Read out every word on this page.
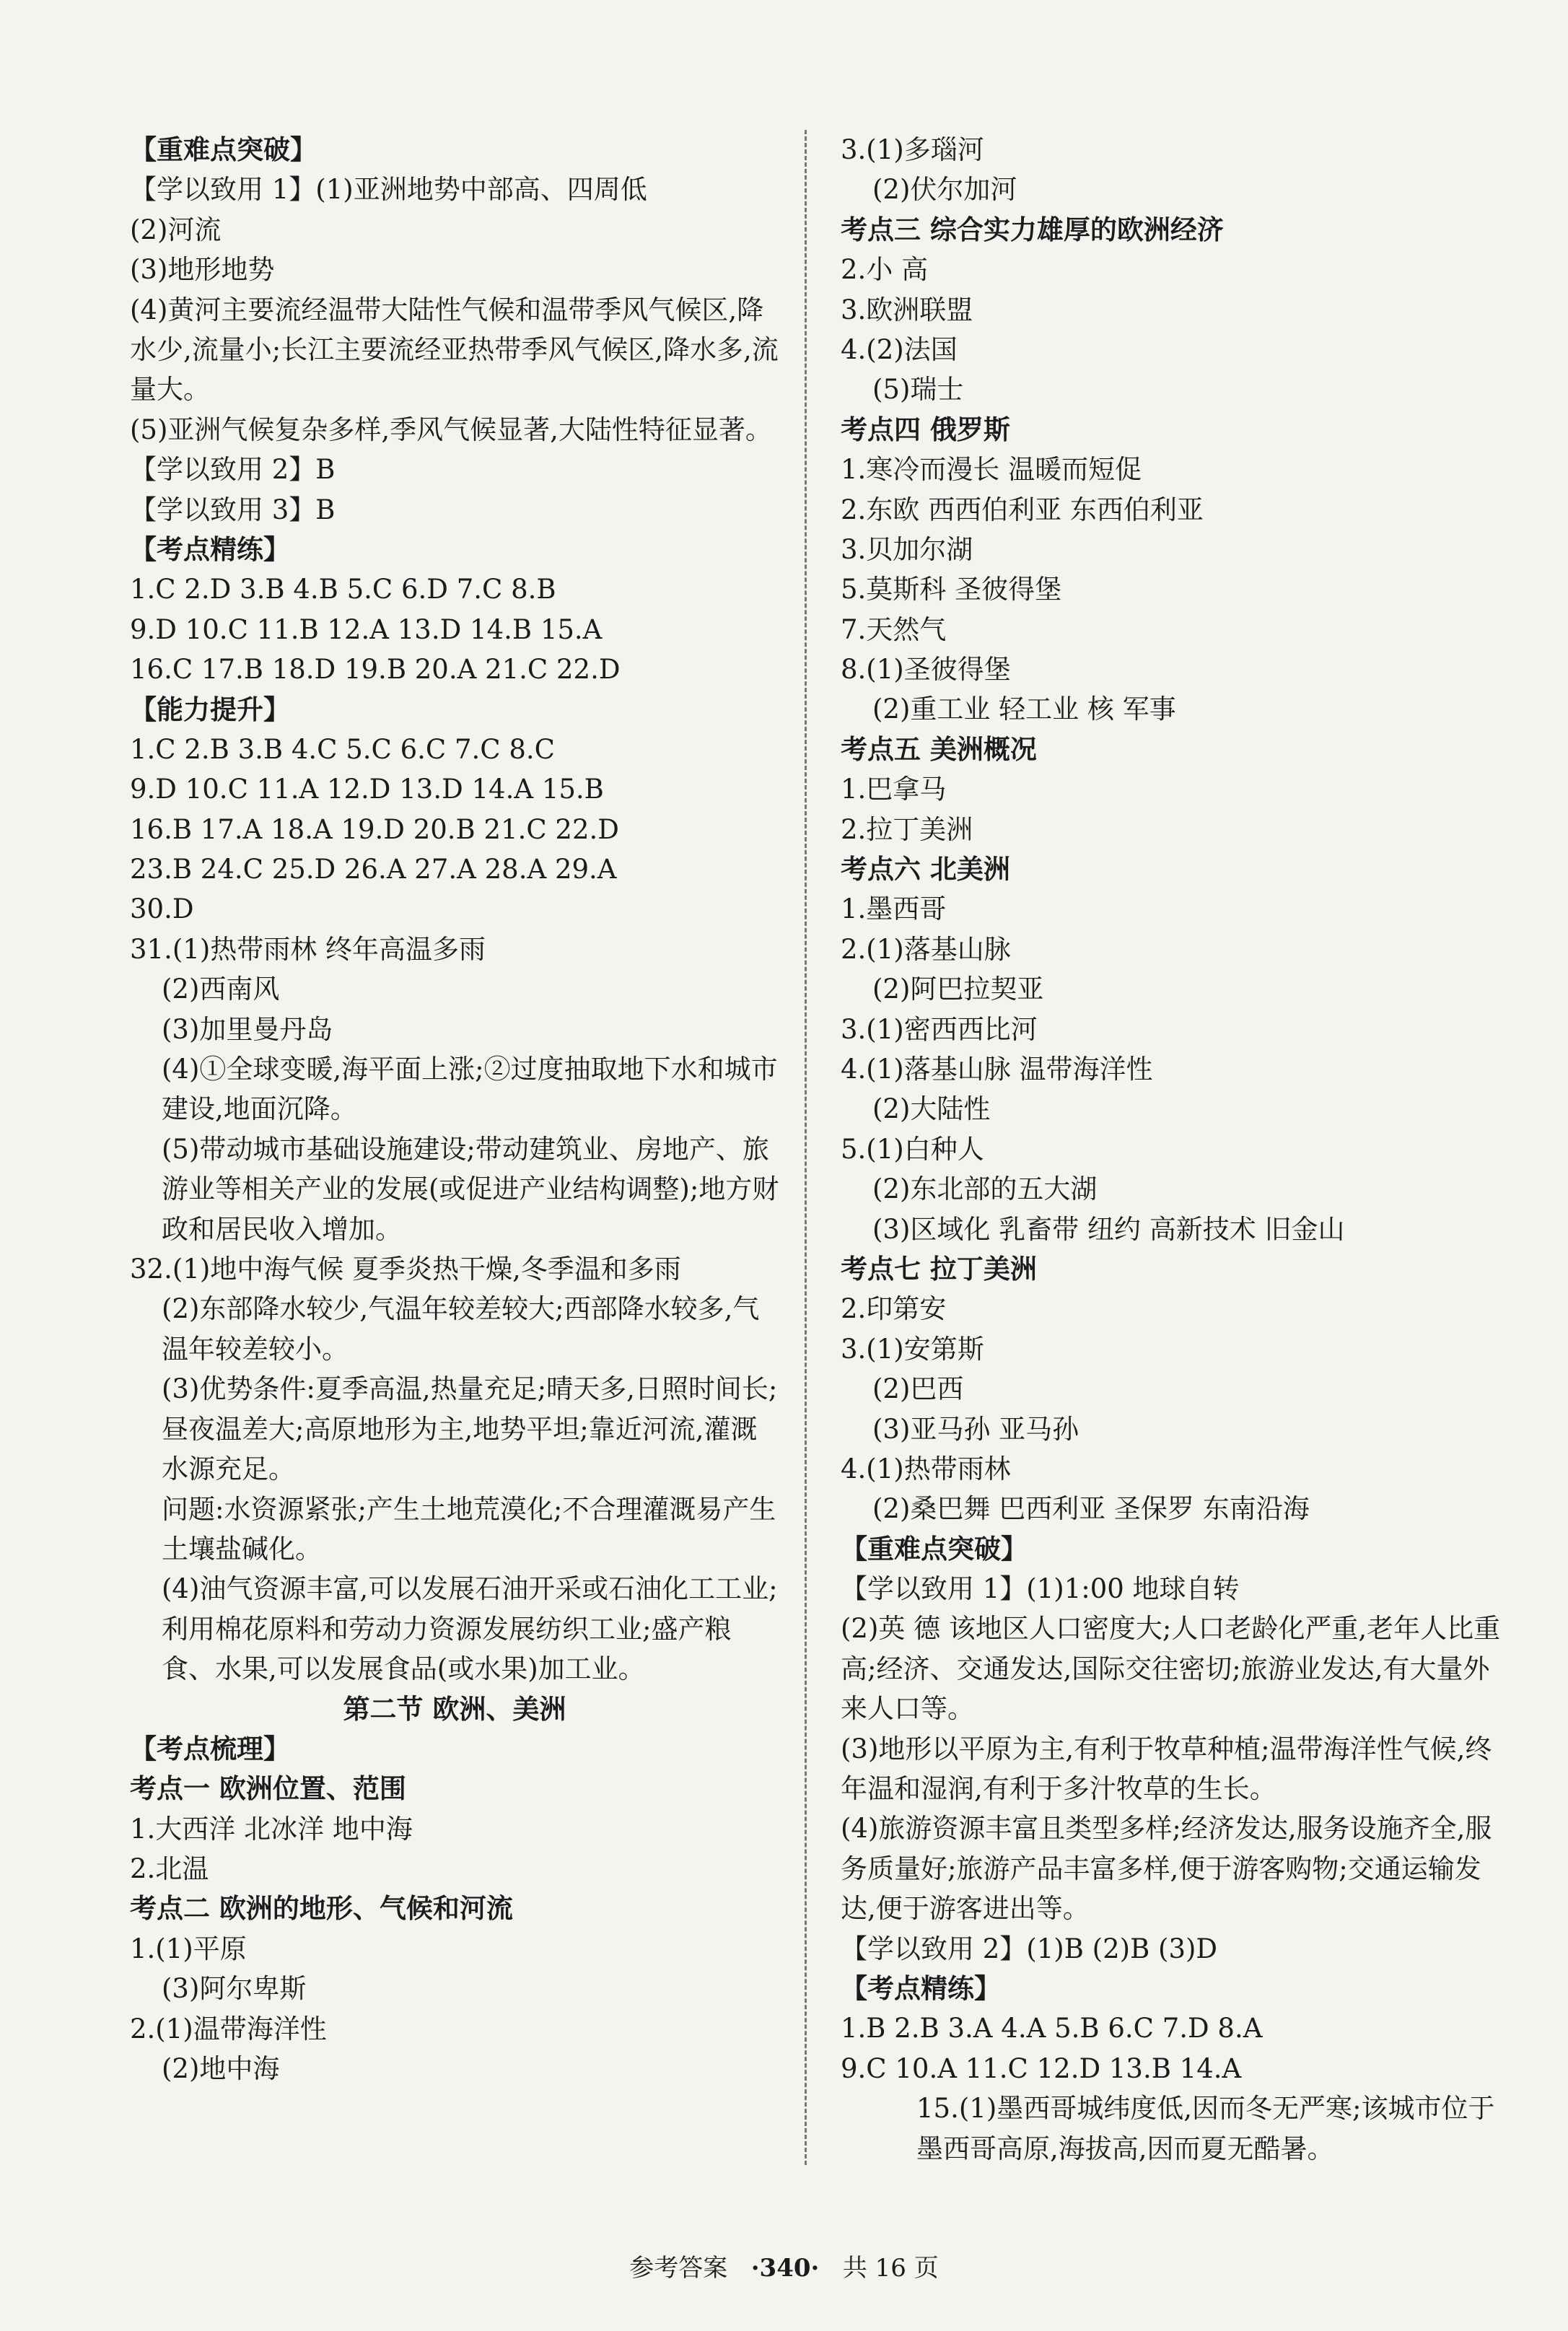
【重难点突破】
【学以致用 1】(1)亚洲地势中部高、四周低
(2)河流
(3)地形地势
(4)黄河主要流经温带大陆性气候和温带季风气候区,降水少,流量小;长江主要流经亚热带季风气候区,降水多,流量大。
(5)亚洲气候复杂多样,季风气候显著,大陆性特征显著。
【学以致用 2】B
【学以致用 3】B
【考点精练】
1.C 2.D 3.B 4.B 5.C 6.D 7.C 8.B
9.D 10.C 11.B 12.A 13.D 14.B 15.A
16.C 17.B 18.D 19.B 20.A 21.C 22.D
【能力提升】
1.C 2.B 3.B 4.C 5.C 6.C 7.C 8.C
9.D 10.C 11.A 12.D 13.D 14.A 15.B
16.B 17.A 18.A 19.D 20.B 21.C 22.D
23.B 24.C 25.D 26.A 27.A 28.A 29.A
30.D
31.(1)热带雨林 终年高温多雨
(2)西南风
(3)加里曼丹岛
(4)①全球变暖,海平面上涨;②过度抽取地下水和城市建设,地面沉降。
(5)带动城市基础设施建设;带动建筑业、房地产、旅游业等相关产业的发展(或促进产业结构调整);地方财政和居民收入增加。
32.(1)地中海气候 夏季炎热干燥,冬季温和多雨
(2)东部降水较少,气温年较差较大;西部降水较多,气温年较差较小。
(3)优势条件:夏季高温,热量充足;晴天多,日照时间长;昼夜温差大;高原地形为主,地势平坦;靠近河流,灌溉水源充足。
问题:水资源紧张;产生土地荒漠化;不合理灌溉易产生土壤盐碱化。
(4)油气资源丰富,可以发展石油开采或石油化工工业;利用棉花原料和劳动力资源发展纺织工业;盛产粮食、水果,可以发展食品(或水果)加工业。
第二节 欧洲、美洲
【考点梳理】
考点一 欧洲位置、范围
1.大西洋 北冰洋 地中海
2.北温
考点二 欧洲的地形、气候和河流
1.(1)平原
(3)阿尔卑斯
2.(1)温带海洋性
(2)地中海
3.(1)多瑙河
(2)伏尔加河
考点三 综合实力雄厚的欧洲经济
2.小 高
3.欧洲联盟
4.(2)法国
(5)瑞士
考点四 俄罗斯
1.寒冷而漫长 温暖而短促
2.东欧 西西伯利亚 东西伯利亚
3.贝加尔湖
5.莫斯科 圣彼得堡
7.天然气
8.(1)圣彼得堡
(2)重工业 轻工业 核 军事
考点五 美洲概况
1.巴拿马
2.拉丁美洲
考点六 北美洲
1.墨西哥
2.(1)落基山脉
(2)阿巴拉契亚
3.(1)密西西比河
4.(1)落基山脉 温带海洋性
(2)大陆性
5.(1)白种人
(2)东北部的五大湖
(3)区域化 乳畜带 纽约 高新技术 旧金山
考点七 拉丁美洲
2.印第安
3.(1)安第斯
(2)巴西
(3)亚马孙 亚马孙
4.(1)热带雨林
(2)桑巴舞 巴西利亚 圣保罗 东南沿海
【重难点突破】
【学以致用 1】(1)1:00 地球自转
(2)英 德 该地区人口密度大;人口老龄化严重,老年人比重高;经济、交通发达,国际交往密切;旅游业发达,有大量外来人口等。
(3)地形以平原为主,有利于牧草种植;温带海洋性气候,终年温和湿润,有利于多汁牧草的生长。
(4)旅游资源丰富且类型多样;经济发达,服务设施齐全,服务质量好;旅游产品丰富多样,便于游客购物;交通运输发达,便于游客进出等。
【学以致用 2】(1)B (2)B (3)D
【考点精练】
1.B 2.B 3.A 4.A 5.B 6.C 7.D 8.A
9.C 10.A 11.C 12.D 13.B 14.A
15.(1)墨西哥城纬度低,因而冬无严寒;该城市位于墨西哥高原,海拔高,因而夏无酷暑。
参考答案 ·340· 共 16 页
